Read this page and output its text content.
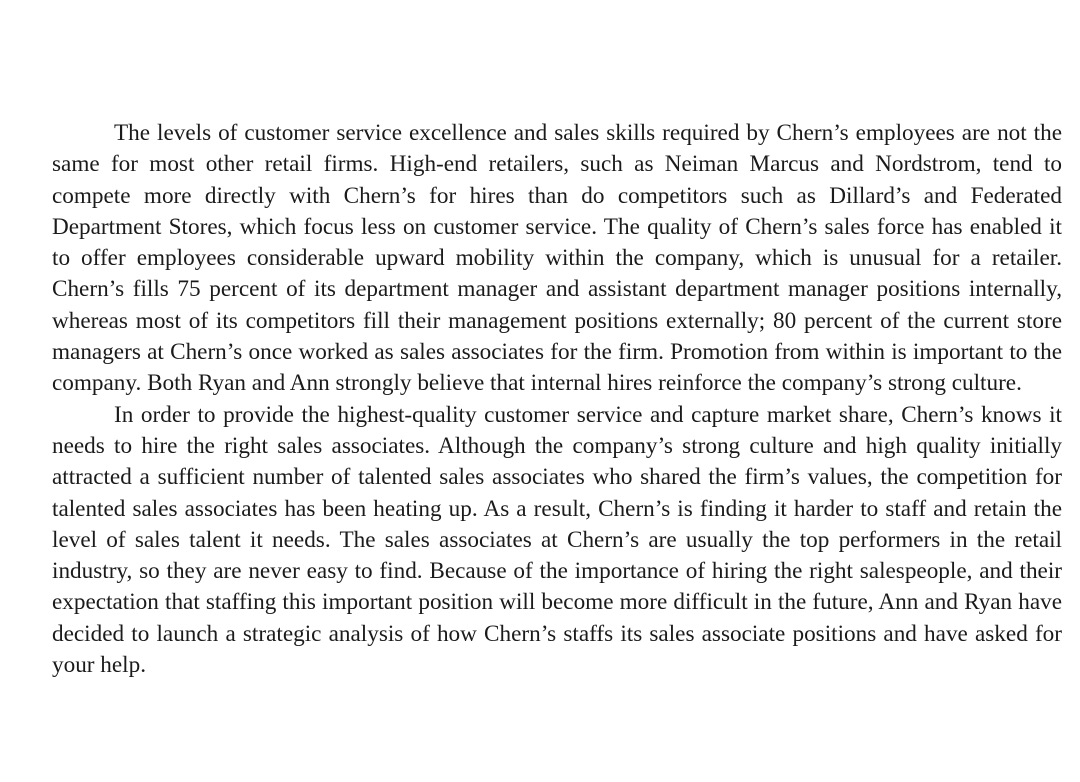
The levels of customer service excellence and sales skills required by Chern’s employees are not the same for most other retail firms. High-end retailers, such as Neiman Marcus and Nordstrom, tend to compete more directly with Chern’s for hires than do competitors such as Dillard’s and Federated Department Stores, which focus less on customer service. The quality of Chern’s sales force has enabled it to offer employees considerable upward mobility within the company, which is unusual for a retailer. Chern’s fills 75 percent of its department manager and assistant department manager positions internally, whereas most of its competitors fill their management positions externally; 80 percent of the current store managers at Chern’s once worked as sales associates for the firm. Promotion from within is important to the company. Both Ryan and Ann strongly believe that internal hires reinforce the company’s strong culture.

In order to provide the highest-quality customer service and capture market share, Chern’s knows it needs to hire the right sales associates. Although the company’s strong culture and high quality initially attracted a sufficient number of talented sales associates who shared the firm’s values, the competition for talented sales associates has been heating up. As a result, Chern’s is finding it harder to staff and retain the level of sales talent it needs. The sales associates at Chern’s are usually the top performers in the retail industry, so they are never easy to find. Because of the importance of hiring the right salespeople, and their expectation that staffing this important position will become more difficult in the future, Ann and Ryan have decided to launch a strategic analysis of how Chern’s staffs its sales associate positions and have asked for your help.
